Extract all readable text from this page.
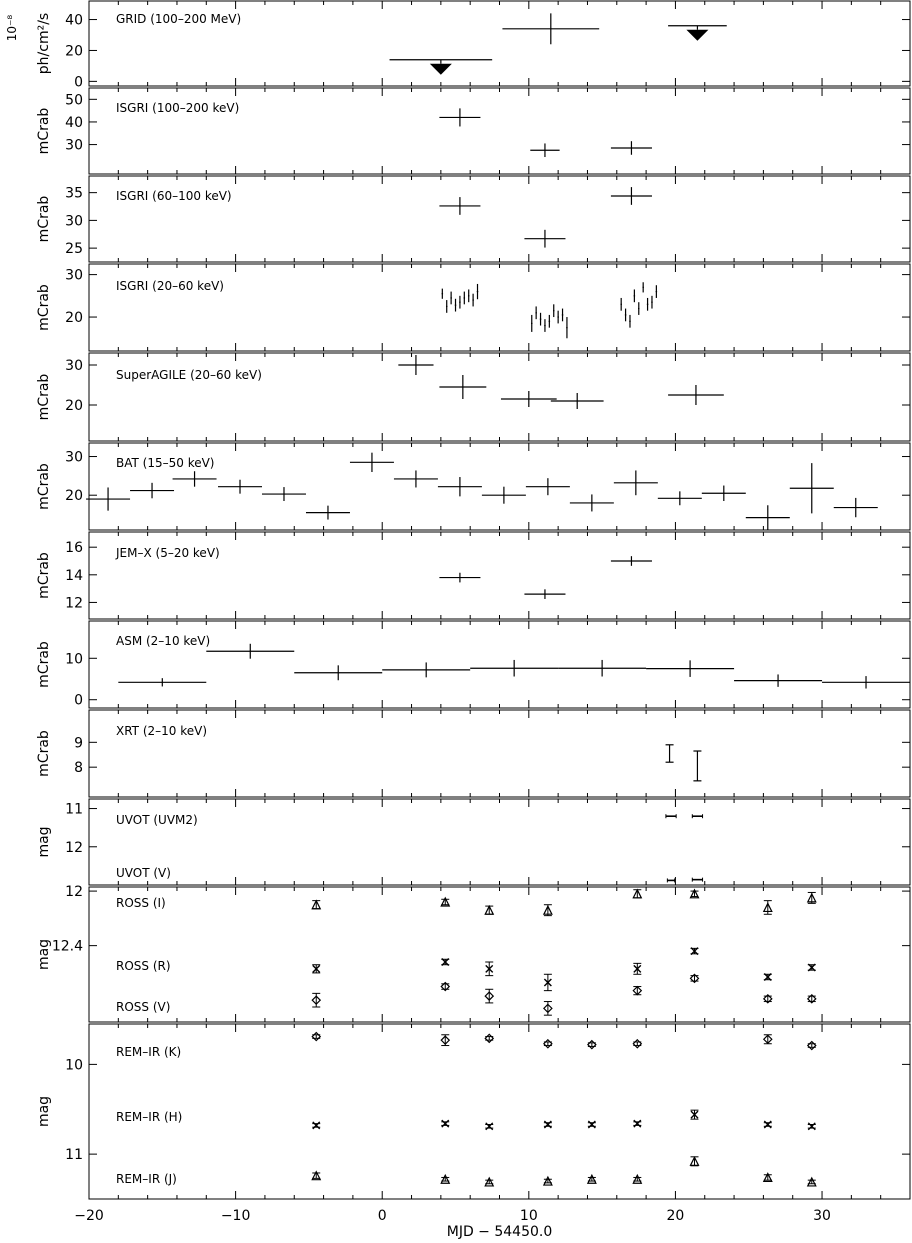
0
20
40
ph/cm²/s
10⁻⁸	GRID (100–200 MeV)
30
40
50
mCrab	ISGRI (100–200 keV)
25
30
35
mCrab	ISGRI (60–100 keV)
20
30
mCrab	ISGRI (20–60 keV)
20
30
mCrab	SuperAGILE (20–60 keV)
20
30
mCrab
BAT (15–50 keV)
12
14
16
mCrab	JEM–X (5–20 keV)
0
10
mCrab
ASM (2–10 keV)
8
9
mCrab	XRT (2–10 keV)
11
12
mag
UVOT (UVM2)
UVOT (V)
12
12.4
mag
ROSS (I)
ROSS (R)
ROSS (V)
10
11
mag
REM–IR (K)
REM–IR (H)
REM–IR (J)
−20	−10	0	10	20	30
MJD − 54450.0
